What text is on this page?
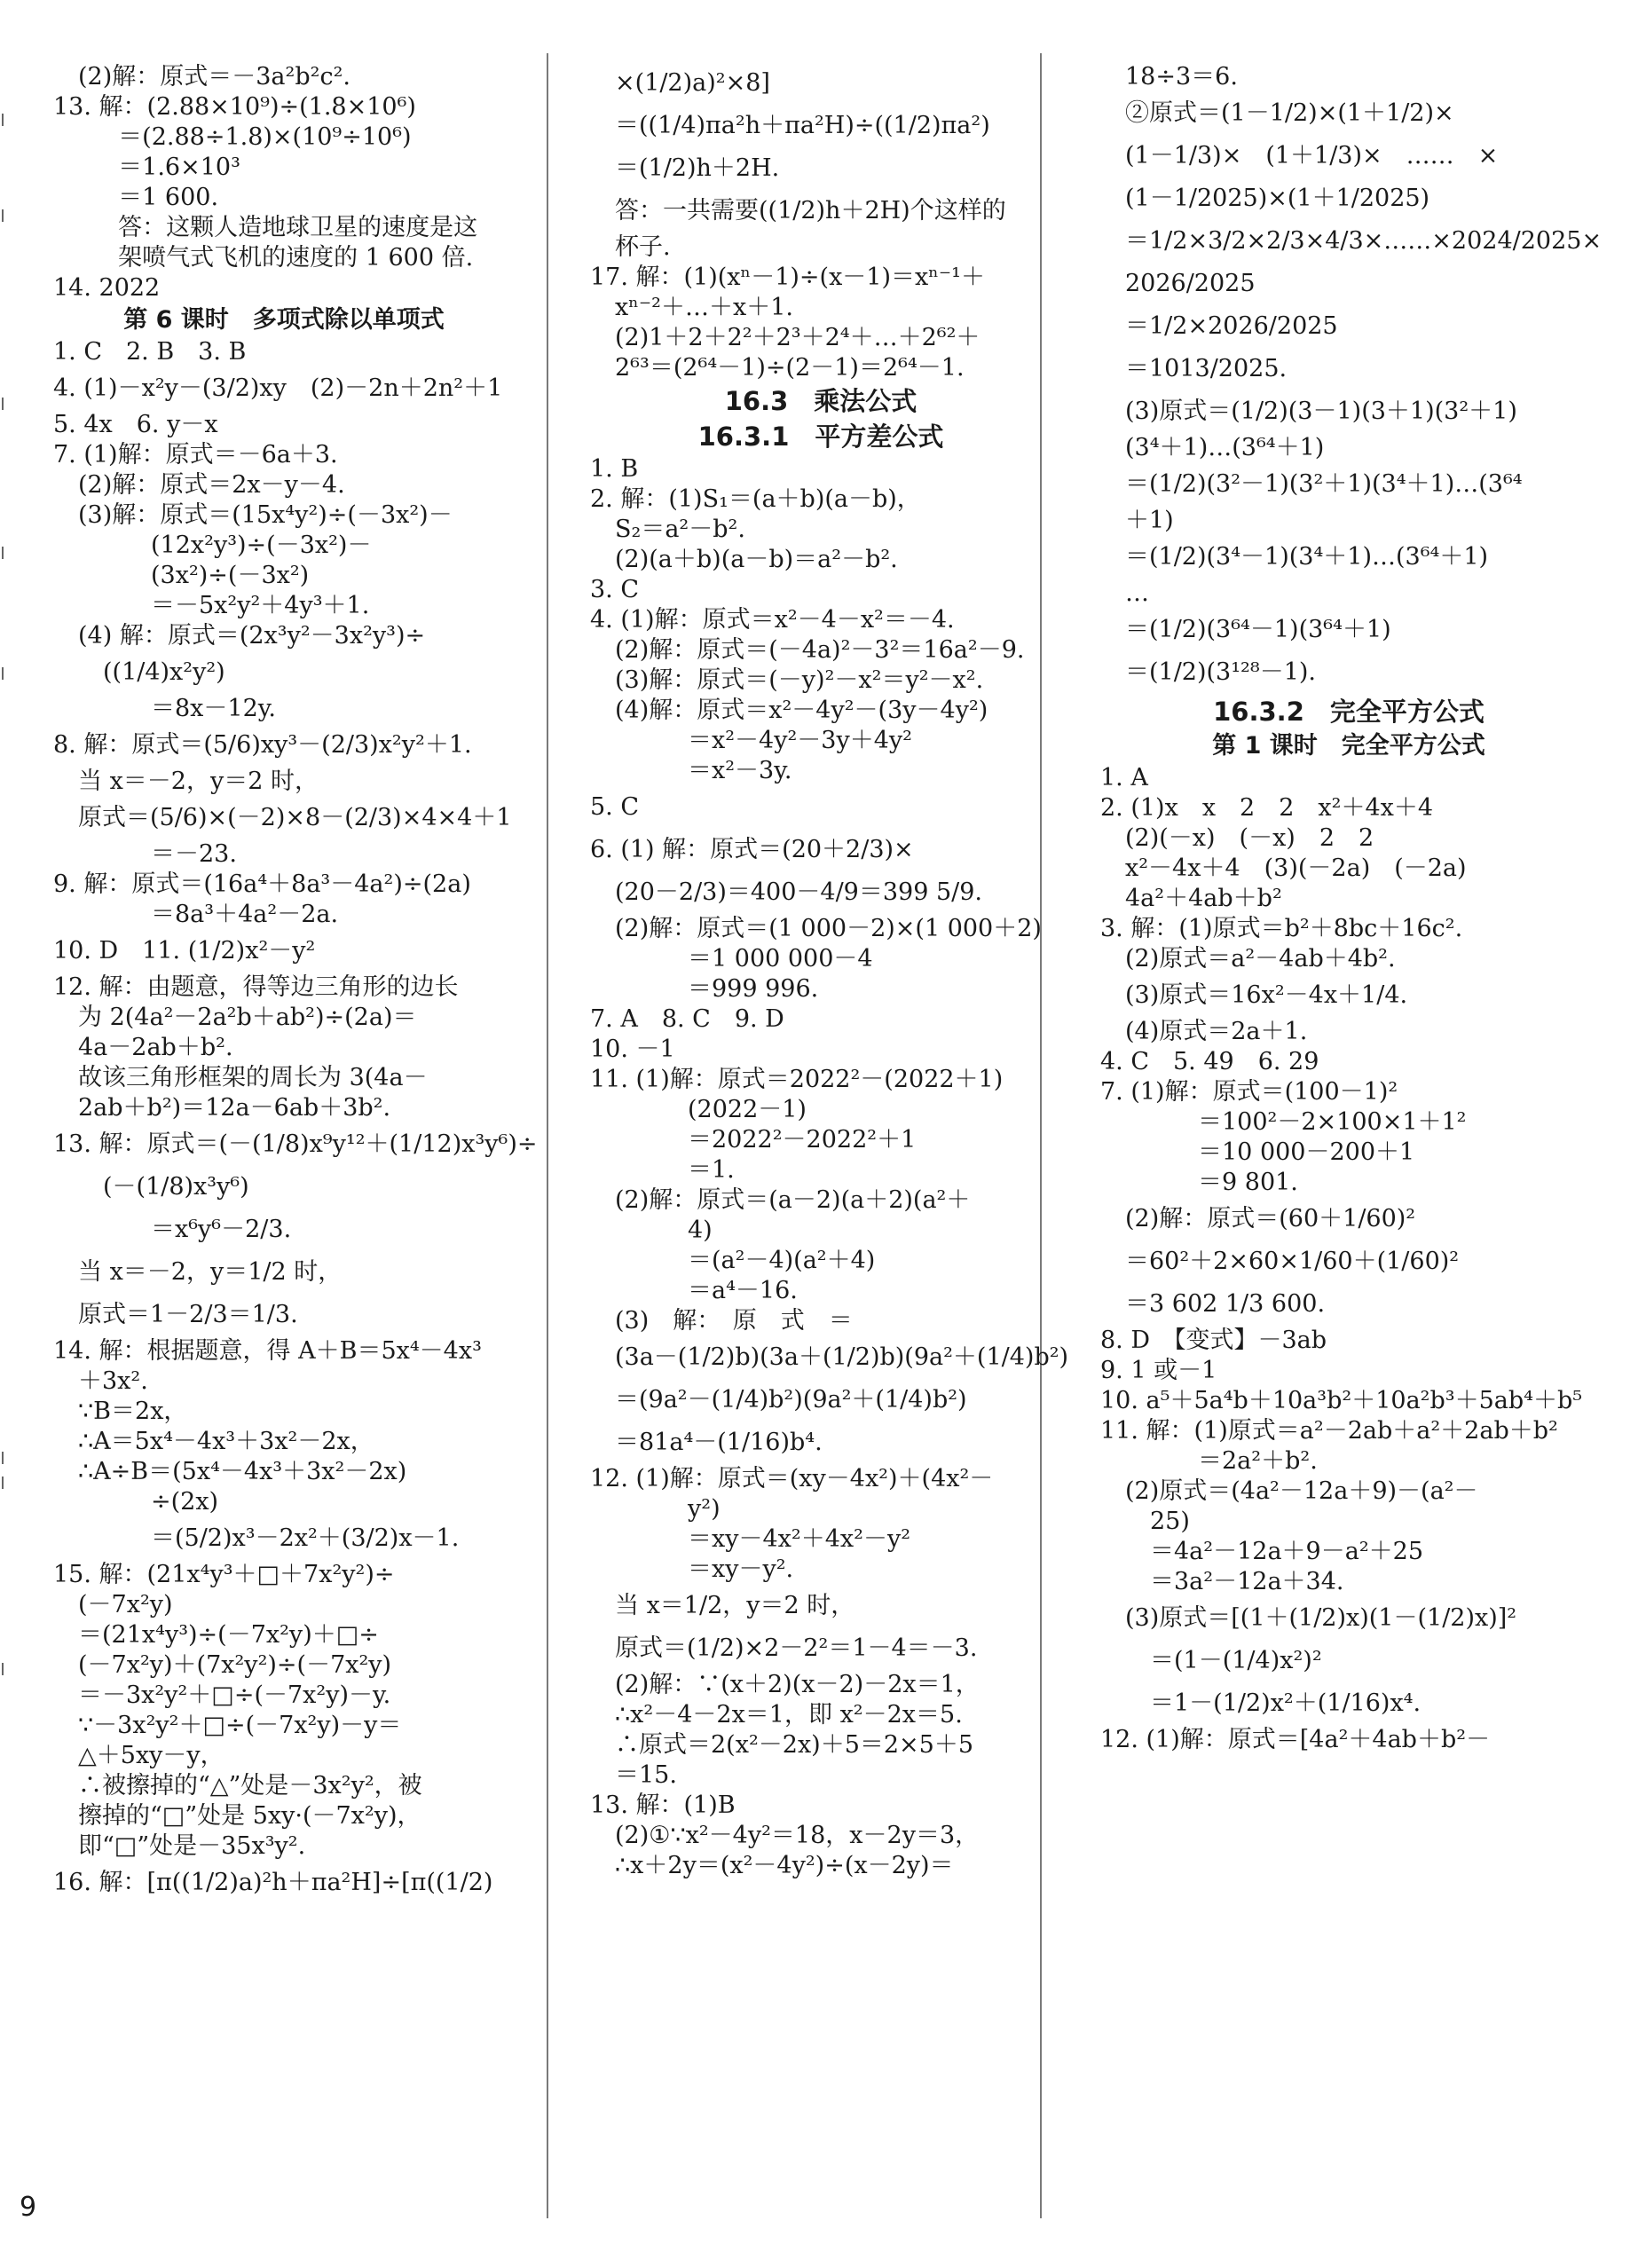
(2)解：原式＝－3a²b²c².
13. 解：(2.88×10⁹)÷(1.8×10⁶)
＝(2.88÷1.8)×(10⁹÷10⁶)
＝1.6×10³
＝1 600.
答：这颗人造地球卫星的速度是这
架喷气式飞机的速度的 1 600 倍.
14. 2022
第 6 课时　多项式除以单项式
1. C　2. B　3. B
4. (1)－x²y－(3/2)xy　(2)－2n＋2n²＋1
5. 4x　6. y－x
7. (1)解：原式＝－6a＋3.
(2)解：原式＝2x－y－4.
(3)解：原式＝(15x⁴y²)÷(－3x²)－
(12x²y³)÷(－3x²)－
(3x²)÷(－3x²)
＝－5x²y²＋4y³＋1.
(4) 解：原式＝(2x³y²－3x²y³)÷
((1/4)x²y²)
＝8x－12y.
8. 解：原式＝(5/6)xy³－(2/3)x²y²＋1.
当 x＝－2，y＝2 时，
原式＝(5/6)×(－2)×8－(2/3)×4×4＋1
＝－23.
9. 解：原式＝(16a⁴＋8a³－4a²)÷(2a)
＝8a³＋4a²－2a.
10. D　11. (1/2)x²－y²
12. 解：由题意，得等边三角形的边长
为 2(4a²－2a²b＋ab²)÷(2a)＝
4a－2ab＋b².
故该三角形框架的周长为 3(4a－
2ab＋b²)＝12a－6ab＋3b².
13. 解：原式＝(－(1/8)x⁹y¹²＋(1/12)x³y⁶)÷
(－(1/8)x³y⁶)
＝x⁶y⁶－2/3.
当 x＝－2，y＝1/2 时，
原式＝1－2/3＝1/3.
14. 解：根据题意，得 A＋B＝5x⁴－4x³
＋3x².
∵B＝2x，
∴A＝5x⁴－4x³＋3x²－2x，
∴A÷B＝(5x⁴－4x³＋3x²－2x)
÷(2x)
＝(5/2)x³－2x²＋(3/2)x－1.
15. 解：(21x⁴y³＋□＋7x²y²)÷
(－7x²y)
＝(21x⁴y³)÷(－7x²y)＋□÷
(－7x²y)＋(7x²y²)÷(－7x²y)
＝－3x²y²＋□÷(－7x²y)－y.
∵－3x²y²＋□÷(－7x²y)－y＝
△＋5xy－y，
∴被擦掉的“△”处是－3x²y²，被
擦掉的“□”处是 5xy·(－7x²y)，
即“□”处是－35x³y².
16. 解：[π((1/2)a)²h＋πa²H]÷[π((1/2)
×(1/2)a)²×8]
＝((1/4)πa²h＋πa²H)÷((1/2)πa²)
＝(1/2)h＋2H.
答：一共需要((1/2)h＋2H)个这样的
杯子.
17. 解：(1)(xⁿ－1)÷(x－1)＝xⁿ⁻¹＋
xⁿ⁻²＋…＋x＋1.
(2)1＋2＋2²＋2³＋2⁴＋…＋2⁶²＋
2⁶³＝(2⁶⁴－1)÷(2－1)＝2⁶⁴－1.
16.3　乘法公式
16.3.1　平方差公式
1. B
2. 解：(1)S₁＝(a＋b)(a－b)，
S₂＝a²－b².
(2)(a＋b)(a－b)＝a²－b².
3. C
4. (1)解：原式＝x²－4－x²＝－4.
(2)解：原式＝(－4a)²－3²＝16a²－9.
(3)解：原式＝(－y)²－x²＝y²－x².
(4)解：原式＝x²－4y²－(3y－4y²)
＝x²－4y²－3y＋4y²
＝x²－3y.
5. C
6. (1) 解：原式＝(20＋2/3)×
(20－2/3)＝400－4/9＝399 5/9.
(2)解：原式＝(1 000－2)×(1 000＋2)
＝1 000 000－4
＝999 996.
7. A　8. C　9. D
10. －1
11. (1)解：原式＝2022²－(2022＋1)
(2022－1)
＝2022²－2022²＋1
＝1.
(2)解：原式＝(a－2)(a＋2)(a²＋
4)
＝(a²－4)(a²＋4)
＝a⁴－16.
(3)　解：　原　式　＝
(3a－(1/2)b)(3a＋(1/2)b)(9a²＋(1/4)b²)
＝(9a²－(1/4)b²)(9a²＋(1/4)b²)
＝81a⁴－(1/16)b⁴.
12. (1)解：原式＝(xy－4x²)＋(4x²－
y²)
＝xy－4x²＋4x²－y²
＝xy－y².
当 x＝1/2，y＝2 时，
原式＝(1/2)×2－2²＝1－4＝－3.
(2)解：∵(x＋2)(x－2)－2x＝1，
∴x²－4－2x＝1，即 x²－2x＝5.
∴原式＝2(x²－2x)＋5＝2×5＋5
＝15.
13. 解：(1)B
(2)①∵x²－4y²＝18，x－2y＝3，
∴x＋2y＝(x²－4y²)÷(x－2y)＝
18÷3＝6.
②原式＝(1－1/2)×(1＋1/2)×
(1－1/3)×　(1＋1/3)×　……　×
(1－1/2025)×(1＋1/2025)
＝1/2×3/2×2/3×4/3×……×2024/2025×
2026/2025
＝1/2×2026/2025
＝1013/2025.
(3)原式＝(1/2)(3－1)(3＋1)(3²＋1)
(3⁴＋1)…(3⁶⁴＋1)
＝(1/2)(3²－1)(3²＋1)(3⁴＋1)…(3⁶⁴
＋1)
＝(1/2)(3⁴－1)(3⁴＋1)…(3⁶⁴＋1)
…
＝(1/2)(3⁶⁴－1)(3⁶⁴＋1)
＝(1/2)(3¹²⁸－1).
16.3.2　完全平方公式
第 1 课时　完全平方公式
1. A
2. (1)x　x　2　2　x²＋4x＋4
(2)(－x)　(－x)　2　2
x²－4x＋4　(3)(－2a)　(－2a)
4a²＋4ab＋b²
3. 解：(1)原式＝b²＋8bc＋16c².
(2)原式＝a²－4ab＋4b².
(3)原式＝16x²－4x＋1/4.
(4)原式＝2a＋1.
4. C　5. 49　6. 29
7. (1)解：原式＝(100－1)²
＝100²－2×100×1＋1²
＝10 000－200＋1
＝9 801.
(2)解：原式＝(60＋1/60)²
＝60²＋2×60×1/60＋(1/60)²
＝3 602 1/3 600.
8. D　【变式】－3ab
9. 1 或－1
10. a⁵＋5a⁴b＋10a³b²＋10a²b³＋5ab⁴＋b⁵
11. 解：(1)原式＝a²－2ab＋a²＋2ab＋b²
＝2a²＋b².
(2)原式＝(4a²－12a＋9)－(a²－
25)
＝4a²－12a＋9－a²＋25
＝3a²－12a＋34.
(3)原式＝[(1＋(1/2)x)(1－(1/2)x)]²
＝(1－(1/4)x²)²
＝1－(1/2)x²＋(1/16)x⁴.
12. (1)解：原式＝[4a²＋4ab＋b²－
9
